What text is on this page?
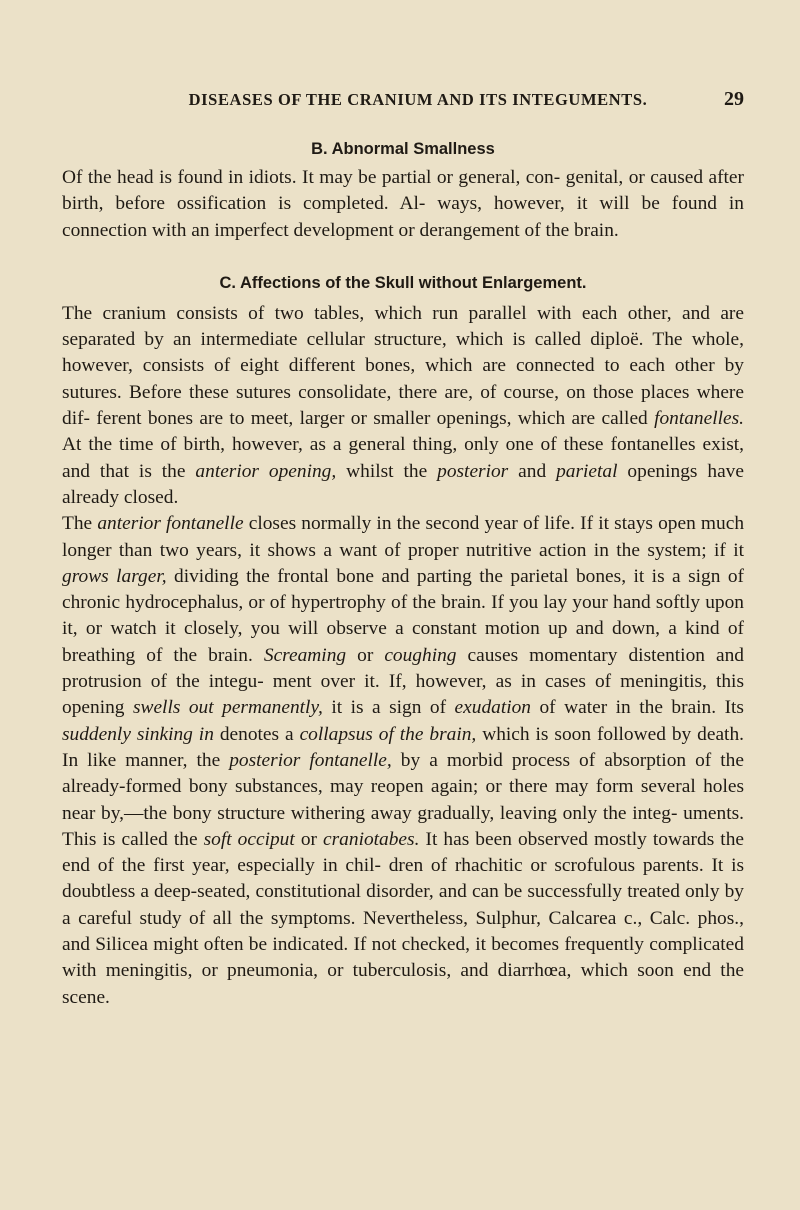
DISEASES OF THE CRANIUM AND ITS INTEGUMENTS.	29
B. Abnormal Smallness

Of the head is found in idiots. It may be partial or general, con- genital, or caused after birth, before ossification is completed. Al- ways, however, it will be found in connection with an imperfect development or derangement of the brain.

C. Affections of the Skull without Enlargement.

The cranium consists of two tables, which run parallel with each other, and are separated by an intermediate cellular structure, which is called diploë. The whole, however, consists of eight different bones, which are connected to each other by sutures. Before these sutures consolidate, there are, of course, on those places where dif- ferent bones are to meet, larger or smaller openings, which are called fontanelles. At the time of birth, however, as a general thing, only one of these fontanelles exist, and that is the anterior opening, whilst the posterior and parietal openings have already closed.

The anterior fontanelle closes normally in the second year of life. If it stays open much longer than two years, it shows a want of proper nutritive action in the system; if it grows larger, dividing the frontal bone and parting the parietal bones, it is a sign of chronic hydrocephalus, or of hypertrophy of the brain. If you lay your hand softly upon it, or watch it closely, you will observe a constant motion up and down, a kind of breathing of the brain. Screaming or coughing causes momentary distention and protrusion of the integu- ment over it. If, however, as in cases of meningitis, this opening swells out permanently, it is a sign of exudation of water in the brain. Its suddenly sinking in denotes a collapsus of the brain, which is soon followed by death. In like manner, the posterior fontanelle, by a morbid process of absorption of the already-formed bony substances, may reopen again; or there may form several holes near by,—the bony structure withering away gradually, leaving only the integ- uments. This is called the soft occiput or craniotabes. It has been observed mostly towards the end of the first year, especially in chil- dren of rhachitic or scrofulous parents. It is doubtless a deep-seated, constitutional disorder, and can be successfully treated only by a careful study of all the symptoms. Nevertheless, Sulphur, Calcarea c., Calc. phos., and Silicea might often be indicated. If not checked, it becomes frequently complicated with meningitis, or pneumonia, or tuberculosis, and diarrhœa, which soon end the scene.
